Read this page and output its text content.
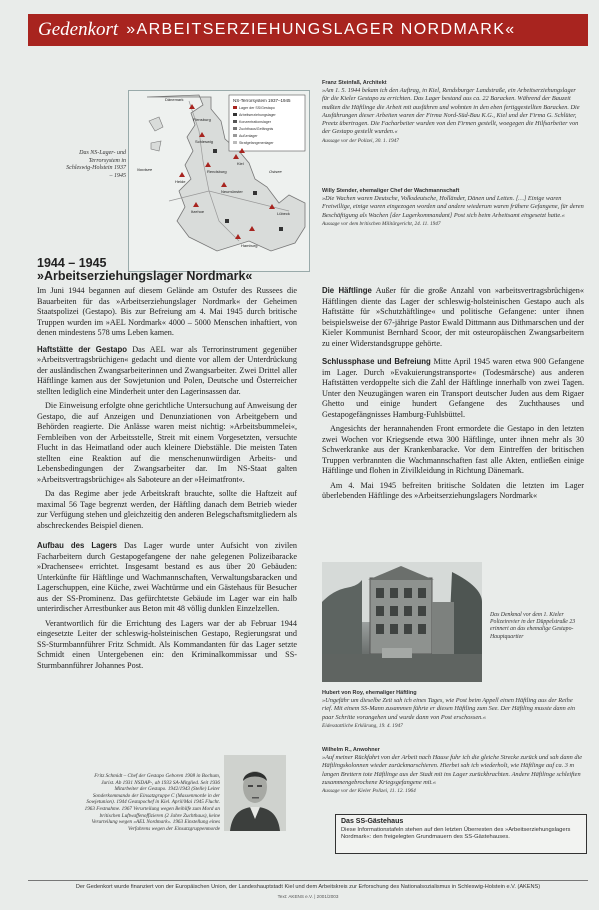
Gedenkort »ARBEITSERZIEHUNGSLAGER NORDMARK«
Das NS-Lager- und Terrorsystem in Schleswig-Holstein 1937 – 1945
NS-Terrorsystem 1937–1945
Lager der SS/Gestapo
Arbeitserziehungslager
Konzentrationslager
Zuchthaus/Gefängnis
Außenlager
Strafgefangenenlager
Dänemark
Flensburg
Schleswig
Kiel
Rendsburg
Neumünster
Heide
Itzehoe	Lübeck
Hamburg
Nordsee	Ostsee
Franz Steinfaß, Architekt
»Am 1. 5. 1944 bekam ich den Auftrag, in Kiel, Rendsburger Landstraße, ein Arbeitserziehungslager für die Kieler Gestapo zu errichten. Das Lager bestand aus ca. 22 Baracken. Während der Bauzeit mußten die Häftlinge die Arbeit mit ausführen und wohnten in den eben fertiggestellten Baracken. Die Ausführungen dieser Arbeiten waren der Firma Nord-Süd-Bau K.G., Kiel und der Firma G. Schlüter, Preetz übertragen. Die Facharbeiter wurden von den Firmen gestellt, woegegen die Hilfsarbeiter von der Gestapo gestellt wurden.«
Aussage vor der Polizei, 30. 1. 1947
Willy Stender, ehemaliger Chef der Wachmannschaft
»Die Wachen waren Deutsche, Volksdeutsche, Holländer, Dänen und Letten. […] Einige waren Freiwillige, einige waren eingezogen worden und andere wiederum waren frühere Gefangene, für deren Beschäftigung als Wachen [der Lagerkommandant] Post sich beim Arbeitsamt eingesetzt hatte.«
Aussage vor dem britischen Militärgericht, 24. 11. 1947
1944 – 1945
»Arbeitserziehungslager Nordmark«

Im Juni 1944 begannen auf diesem Gelände am Ostufer des Russees die Bauarbeiten für das »Arbeitserziehungslager Nordmark« der Geheimen Staatspolizei (Gestapo). Bis zur Befreiung am 4. Mai 1945 durch britische Truppen wurden im »AEL Nordmark« 4000 – 5000 Menschen inhaftiert, von denen mindestens 578 ums Leben kamen.

Haftstätte der Gestapo Das AEL war als Terrorinstrument gegenüber »Arbeitsvertragsbrüchigen« gedacht und diente vor allem der Unterdrückung der ausländischen Zwangsarbeiterinnen und Zwangsarbeiter. Zwei Drittel aller Häftlinge kamen aus der Sowjetunion und Polen, Deutsche und Österreicher stellten lediglich eine Minderheit unter den Lagerinsassen dar.

Die Einweisung erfolgte ohne gerichtliche Untersuchung auf Anweisung der Gestapo, die auf Anzeigen und Denunziationen von Arbeitgebern und Behörden reagierte. Die Anlässe waren meist nichtig: »Arbeitsbummelei«, Fernbleiben von der Arbeitsstelle, Streit mit einem Vorgesetzten, versuchte Flucht in das Heimatland oder auch kleinere Diebstähle. Die meisten Taten stellten eine Reaktion auf die menschenunwürdigen Arbeits- und Lebensbedingungen der Zwangsarbeiter dar. Im NS-Staat galten »Arbeitsvertragsbrüchige« als Saboteure an der »Heimatfront«.

Da das Regime aber jede Arbeitskraft brauchte, sollte die Haftzeit auf maximal 56 Tage begrenzt werden, der Häftling danach dem Betrieb wieder zur Verfügung stehen und gleichzeitig den anderen Belegschaftsmitgliedern als abschreckendes Beispiel dienen.

Aufbau des Lagers Das Lager wurde unter Aufsicht von zivilen Facharbeitern durch Gestapogefangene der nahe gelegenen Polizeibaracke »Drachensee« errichtet. Insgesamt bestand es aus über 20 Gebäuden: Unterkünfte für Häftlinge und Wachmannschaften, Verwaltungsbaracken und Lagerschuppen, eine Küche, zwei Wachtürme und ein Gästehaus für Besucher aus der SS-Prominenz. Das gefürchtetste Gebäude im Lager war ein halb unterirdischer Arrestbunker aus Beton mit 48 völlig dunklen Einzelzellen.

Verantwortlich für die Errichtung des Lagers war der ab Februar 1944 eingesetzte Leiter der schleswig-holsteinischen Gestapo, Regierungsrat und SS-Sturmbannführer Fritz Schmidt. Als Kommandanten für das Lager setzte Schmidt einen Untergebenen ein: den Kriminalkommissar und SS-Sturmbannführer Johannes Post.

Die Häftlinge Außer für die große Anzahl von »arbeitsvertragsbrüchigen« Häftlingen diente das Lager der schleswig-holsteinischen Gestapo auch als Haftstätte für »Schutzhäftlinge« und politische Gefangene: unter ihnen beispielsweise der 67-jährige Pastor Ewald Dittmann aus Dithmarschen und der Kieler Kommunist Bernhard Scoor, der mit osteuropäischen Zwangsarbeitern zu einer Widerstandsgruppe gehörte.

Schlussphase und Befreiung Mitte April 1945 waren etwa 900 Gefangene im Lager. Durch »Evakuierungstransporte« (Todesmärsche) aus anderen Haftstätten verdoppelte sich die Zahl der Häftlinge innerhalb von zwei Tagen. Unter den Neuzugängen waren ein Transport deutscher Juden aus dem Rigaer Ghetto und einige hundert Gefangene des Zuchthauses und Gestapogefängnisses Hamburg-Fuhlsbüttel.

Angesichts der herannahenden Front ermordete die Gestapo in den letzten zwei Wochen vor Kriegsende etwa 300 Häftlinge, unter ihnen mehr als 30 Schwerkranke aus der Krankenbaracke. Vor dem Eintreffen der britischen Truppen verbrannten die Wachmannschaften fast alle Akten, entließen einige Häftlinge und flohen in Zivilkleidung in Richtung Dänemark.

Am 4. Mai 1945 befreiten britische Soldaten die letzten im Lager überlebenden Häftlinge des »Arbeitserziehungslagers Nordmark«

Das Denkmal vor dem 1. Kieler Polizeirevier in der Düppelstraße 23 erinnert an das ehemalige Gestapo-Hauptquartier
Hubert von Roy, ehemaliger Häftling
»Ungefähr um dieselbe Zeit sah ich eines Tages, wie Post beim Appell einen Häftling aus der Reihe rief. Mit einem SS-Mann zusammen führte er diesen Häftling zum See. Der Häftling musste dann ein paar Schritte vorangehen und wurde dann von Post erschossen.«
Eidesstattliche Erklärung, 19. 4. 1947
Wilhelm R., Anwohner
»Auf meiner Rückfahrt von der Arbeit nach Hause fuhr ich die gleiche Strecke zurück und sah dann die Häftlingskolonnen wieder zurückmarschieren. Hierbei sah ich wiederholt, wie Häftlinge auf ca. 3 m langen Brettern tote Häftlinge aus der Stadt mit ins Lager zurückbrachten. Andere Häftlinge schleiften zusammengebrochene Kriegsgefangene mit.«
Aussage vor der Kieler Polizei, 11. 12. 1964
Fritz Schmidt – Chef der Gestapo Geboren 1908 in Bochum, Jurist. Ab 1931 NSDAP-, ab 1933 SA-Mitglied. Seit 1936 Mitarbeiter der Gestapo. 1942/1943 (Stelle) Leiter Sonderkommando der Einsatzgruppe C (Massenmorde in der Sowjetunion). 1944 Gestapochef in Kiel. April/Mai 1945 Flucht. 1963 Festnahme. 1967 Verurteilung wegen Beihilfe zum Mord an britischen Luftwaffenoffizieren (2 Jahre Zuchthaus), keine Verurteilung wegen »AEL Nordmark«. 1963 Einstellung eines Verfahrens wegen der Einsatzgruppenmorde
Das SS-Gästehaus
Diese Informationstafeln stehen auf den letzten Überresten des »Arbeitserziehungslagers Nordmark«: den freigelegten Grundmauern des SS-Gästehauses.
Der Gedenkort wurde finanziert von der Europäischen Union, der Landeshauptstadt Kiel und dem Arbeitskreis zur Erforschung des Nationalsozialismus in Schleswig-Holstein e.V. (AKENS)
Text: AKENS e.V. | 2001/2003
